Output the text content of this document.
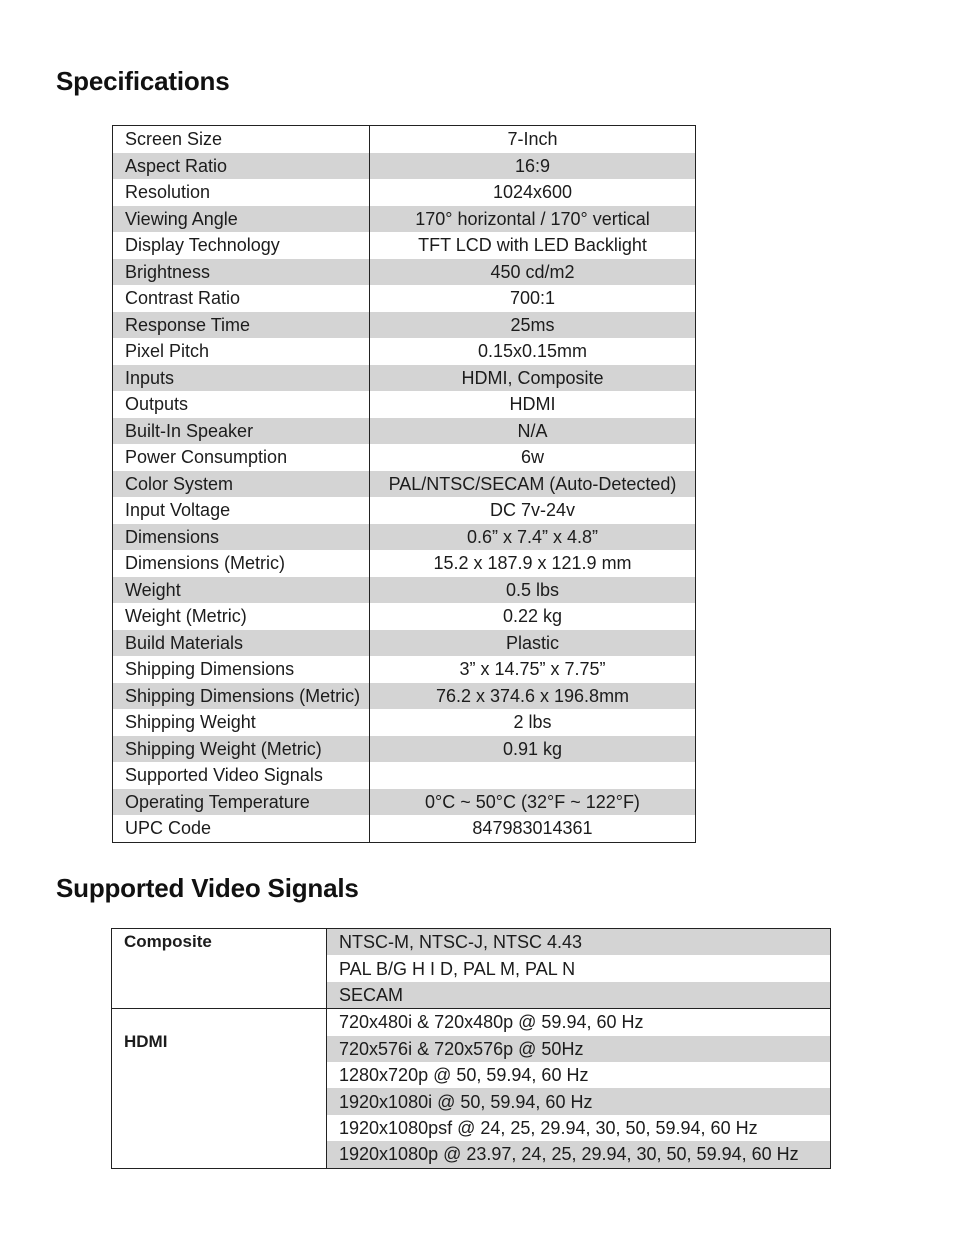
Specifications
Screen Size	7-Inch
Aspect Ratio	16:9
Resolution	1024x600
Viewing Angle	170° horizontal / 170° vertical
Display Technology	TFT LCD with LED Backlight
Brightness	450 cd/m2
Contrast Ratio	700:1
Response Time	25ms
Pixel Pitch	0.15x0.15mm
Inputs	HDMI, Composite
Outputs	HDMI
Built-In Speaker	N/A
Power Consumption	6w
Color System	PAL/NTSC/SECAM (Auto-Detected)
Input Voltage	DC 7v-24v
Dimensions	0.6” x 7.4” x 4.8”
Dimensions (Metric)	15.2 x 187.9 x 121.9 mm
Weight	0.5 lbs
Weight (Metric)	0.22 kg
Build Materials	Plastic
Shipping Dimensions	3” x 14.75” x 7.75”
Shipping Dimensions (Metric)	76.2 x 374.6 x 196.8mm
Shipping Weight	2 lbs
Shipping Weight (Metric)	0.91 kg
Supported Video Signals	
Operating Temperature	0°C ~ 50°C (32°F ~ 122°F)
UPC Code	847983014361
Supported Video Signals
Composite	NTSC-M, NTSC-J, NTSC 4.43
	PAL B/G H I D, PAL M, PAL N
	SECAM
HDMI	720x480i & 720x480p @ 59.94, 60 Hz
	720x576i & 720x576p @ 50Hz
	1280x720p @ 50, 59.94, 60 Hz
	1920x1080i @ 50, 59.94, 60 Hz
	1920x1080psf @ 24, 25, 29.94, 30, 50, 59.94, 60 Hz
	1920x1080p @ 23.97, 24, 25, 29.94, 30, 50, 59.94, 60 Hz
